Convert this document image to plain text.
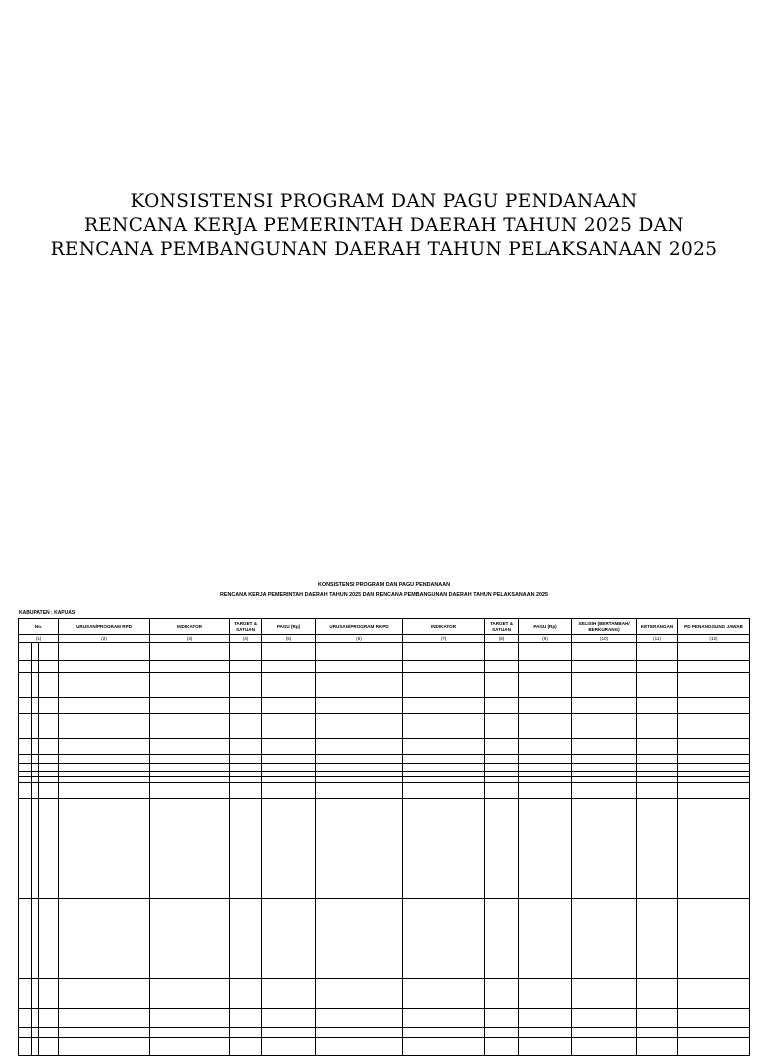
KONSISTENSI PROGRAM DAN PAGU PENDANAAN
RENCANA KERJA PEMERINTAH DAERAH TAHUN 2025 DAN
RENCANA PEMBANGUNAN DAERAH TAHUN PELAKSANAAN 2025
KONSISTENSI PROGRAM DAN PAGU PENDANAAN
RENCANA KERJA PEMERINTAH DAERAH TAHUN 2025 DAN RENCANA PEMBANGUNAN DAERAH TAHUN PELAKSANAAN 2025
KABUPATEN : KAPUAS
No.			URUSAN/PROGRAM RPD	INDIKATOR	TARGET & SATUAN	PAGU (Rp)	URUSAN/PROGRAM RKPD	INDIKATOR	TARGET & SATUAN	PAGU (Rp)	SELISIH (BERTAMBAH/ BERKURANG)	KETERANGAN	PD PENANGGUNG JAWAB
(1)			(2)	(3)	(4)	(5)	(6)	(7)	(8)	(9)	(10)	(11)	(12)
